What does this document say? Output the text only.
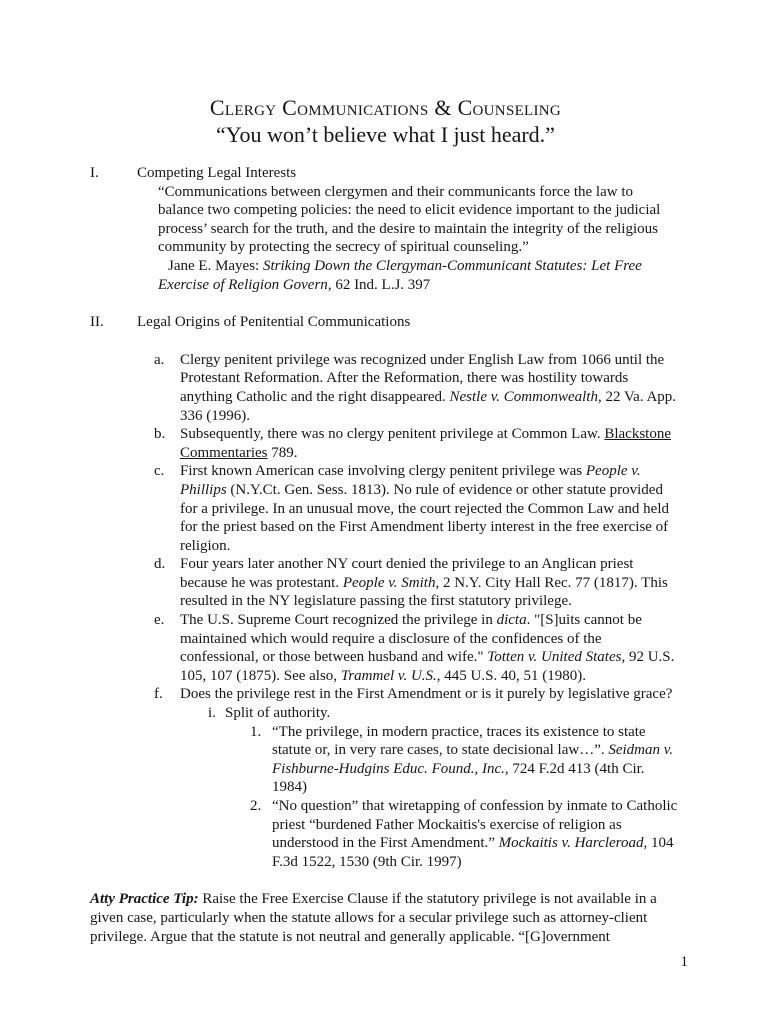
Clergy Communications & Counseling
“You won’t believe what I just heard.”
I.	Competing Legal Interests

“Communications between clergymen and their communicants force the law to balance two competing policies: the need to elicit evidence important to the judicial process’ search for the truth, and the desire to maintain the integrity of the religious community by protecting the secrecy of spiritual counseling.”

Jane E. Mayes: Striking Down the Clergyman-Communicant Statutes: Let Free Exercise of Religion Govern, 62 Ind. L.J. 397

II.	Legal Origins of Penitential Communications
a.	Clergy penitent privilege was recognized under English Law from 1066 until the Protestant Reformation. After the Reformation, there was hostility towards anything Catholic and the right disappeared. Nestle v. Commonwealth, 22 Va. App. 336 (1996).
b. Subsequently, there was no clergy penitent privilege at Common Law. Blackstone Commentaries 789.
c.	First known American case involving clergy penitent privilege was People v. Phillips (N.Y.Ct. Gen. Sess. 1813). No rule of evidence or other statute provided for a privilege. In an unusual move, the court rejected the Common Law and held for the priest based on the First Amendment liberty interest in the free exercise of religion.
d. Four years later another NY court denied the privilege to an Anglican priest because he was protestant. People v. Smith, 2 N.Y. City Hall Rec. 77 (1817). This resulted in the NY legislature passing the first statutory privilege.
e.	The U.S. Supreme Court recognized the privilege in dicta. "[S]uits cannot be maintained which would require a disclosure of the confidences of the confessional, or those between husband and wife." Totten v. United States, 92 U.S. 105, 107 (1875). See also, Trammel v. U.S., 445 U.S. 40, 51 (1980).
f.	Does the privilege rest in the First Amendment or is it purely by legislative grace?
i. Split of authority.
1. “The privilege, in modern practice, traces its existence to state statute or, in very rare cases, to state decisional law…”. Seidman v. Fishburne-Hudgins Educ. Found., Inc., 724 F.2d 413 (4th Cir. 1984)
2. “No question” that wiretapping of confession by inmate to Catholic priest “burdened Father Mockaitis's exercise of religion as understood in the First Amendment.” Mockaitis v. Harcleroad, 104 F.3d 1522, 1530 (9th Cir. 1997)

Atty Practice Tip: Raise the Free Exercise Clause if the statutory privilege is not available in a given case, particularly when the statute allows for a secular privilege such as attorney-client privilege. Argue that the statute is not neutral and generally applicable. “[G]overnment

1
